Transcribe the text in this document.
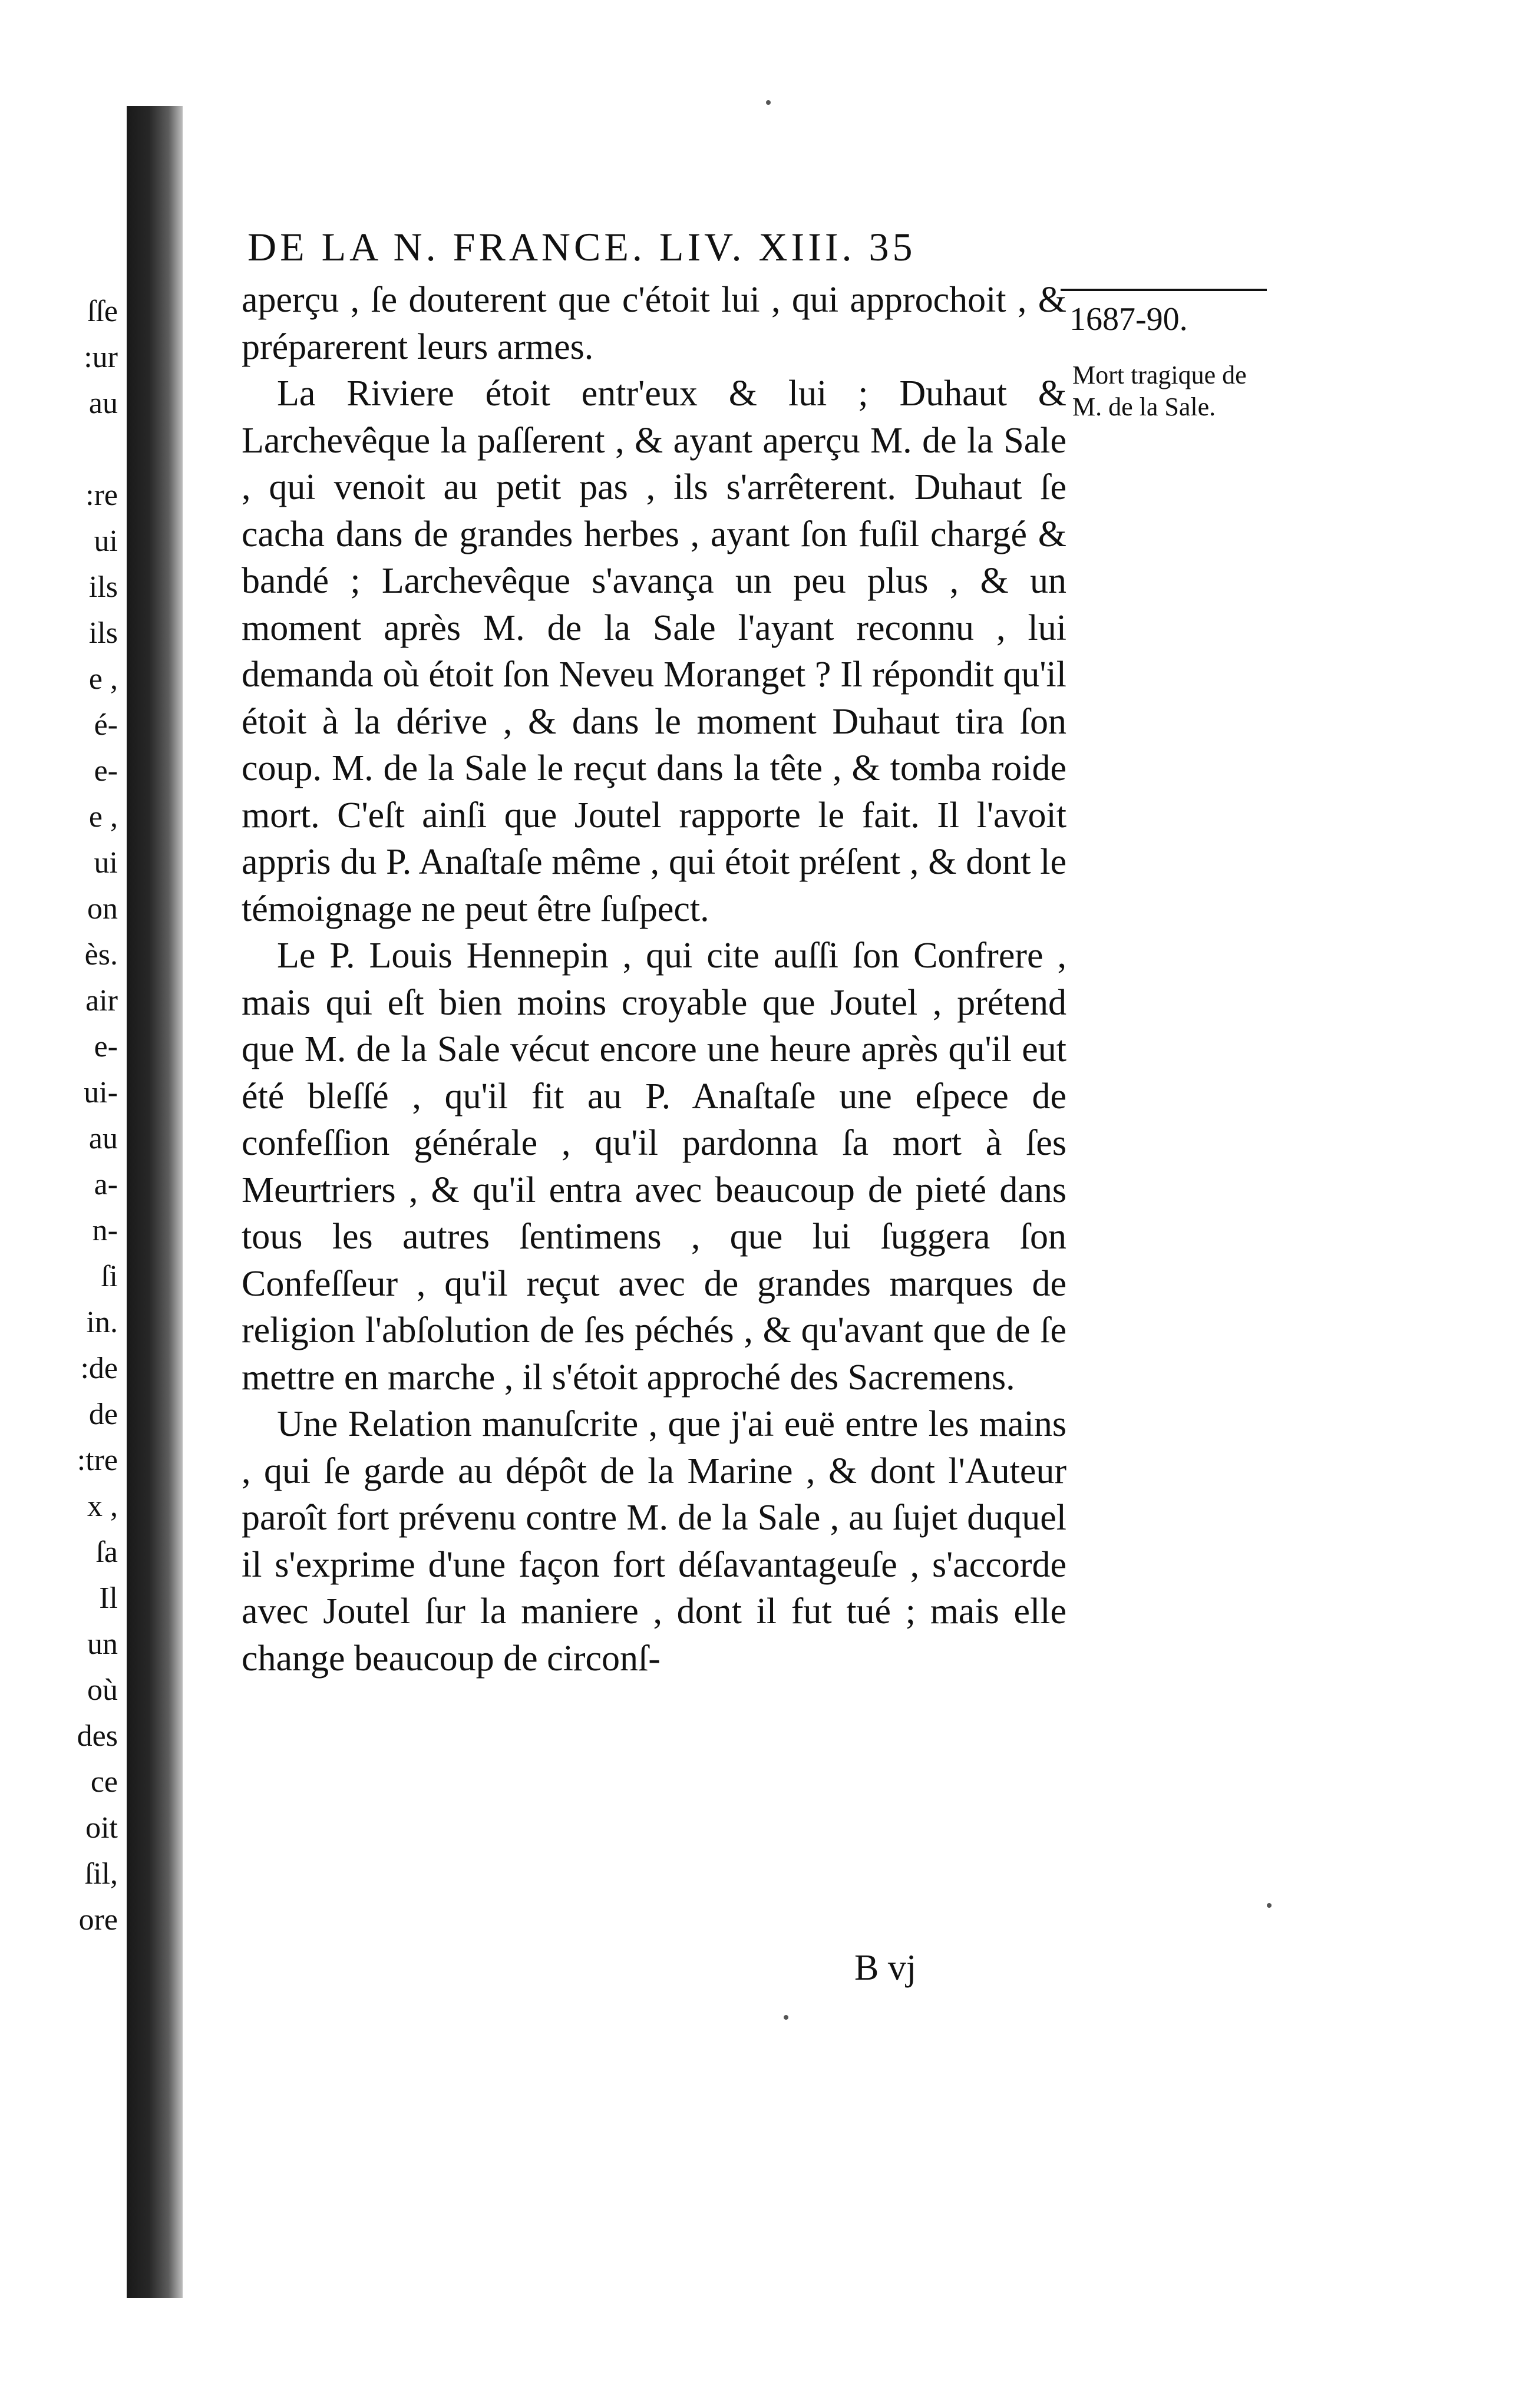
ſſe
:ur
au
:re
ui
ils
ils
e ,
é-
e-
e ,
ui
on
ès.
air
e-
ui-
au
a-
n-
ſi
in.
:de
de
:tre
x ,
ſa
Il
un
où
des
ce
oit
ſil,
ore
DE LA N. FRANCE. LIV. XIII. 35
1687-90.
Mort tragique de M. de la Sale.

aperçu , ſe douterent que c'étoit lui , qui approchoit , & préparerent leurs armes.

La Riviere étoit entr'eux & lui ; Duhaut & Larchevêque la paſſerent , & ayant aperçu M. de la Sale , qui venoit au petit pas , ils s'arrêterent. Duhaut ſe cacha dans de grandes herbes , ayant ſon fuſil chargé & bandé ; Larchevêque s'avança un peu plus , & un moment après M. de la Sale l'ayant reconnu , lui demanda où étoit ſon Neveu Moranget ? Il répondit qu'il étoit à la dérive , & dans le moment Duhaut tira ſon coup. M. de la Sale le reçut dans la tête , & tomba roide mort. C'eſt ainſi que Joutel rapporte le fait. Il l'avoit appris du P. Anaſtaſe même , qui étoit préſent , & dont le témoignage ne peut être ſuſpect.

Le P. Louis Hennepin , qui cite auſſi ſon Confrere , mais qui eſt bien moins croyable que Joutel , prétend que M. de la Sale vécut encore une heure après qu'il eut été bleſſé , qu'il fit au P. Anaſtaſe une eſpece de confeſſion générale , qu'il pardonna ſa mort à ſes Meurtriers , & qu'il entra avec beaucoup de pieté dans tous les autres ſentimens , que lui ſuggera ſon Confeſſeur , qu'il reçut avec de grandes marques de religion l'abſolution de ſes péchés , & qu'avant que de ſe mettre en marche , il s'étoit approché des Sacremens.

Une Relation manuſcrite , que j'ai euë entre les mains , qui ſe garde au dépôt de la Marine , & dont l'Auteur paroît fort prévenu contre M. de la Sale , au ſujet duquel il s'exprime d'une façon fort déſavantageuſe , s'accorde avec Joutel ſur la maniere , dont il fut tué ; mais elle change beaucoup de circonſ-

B vj
